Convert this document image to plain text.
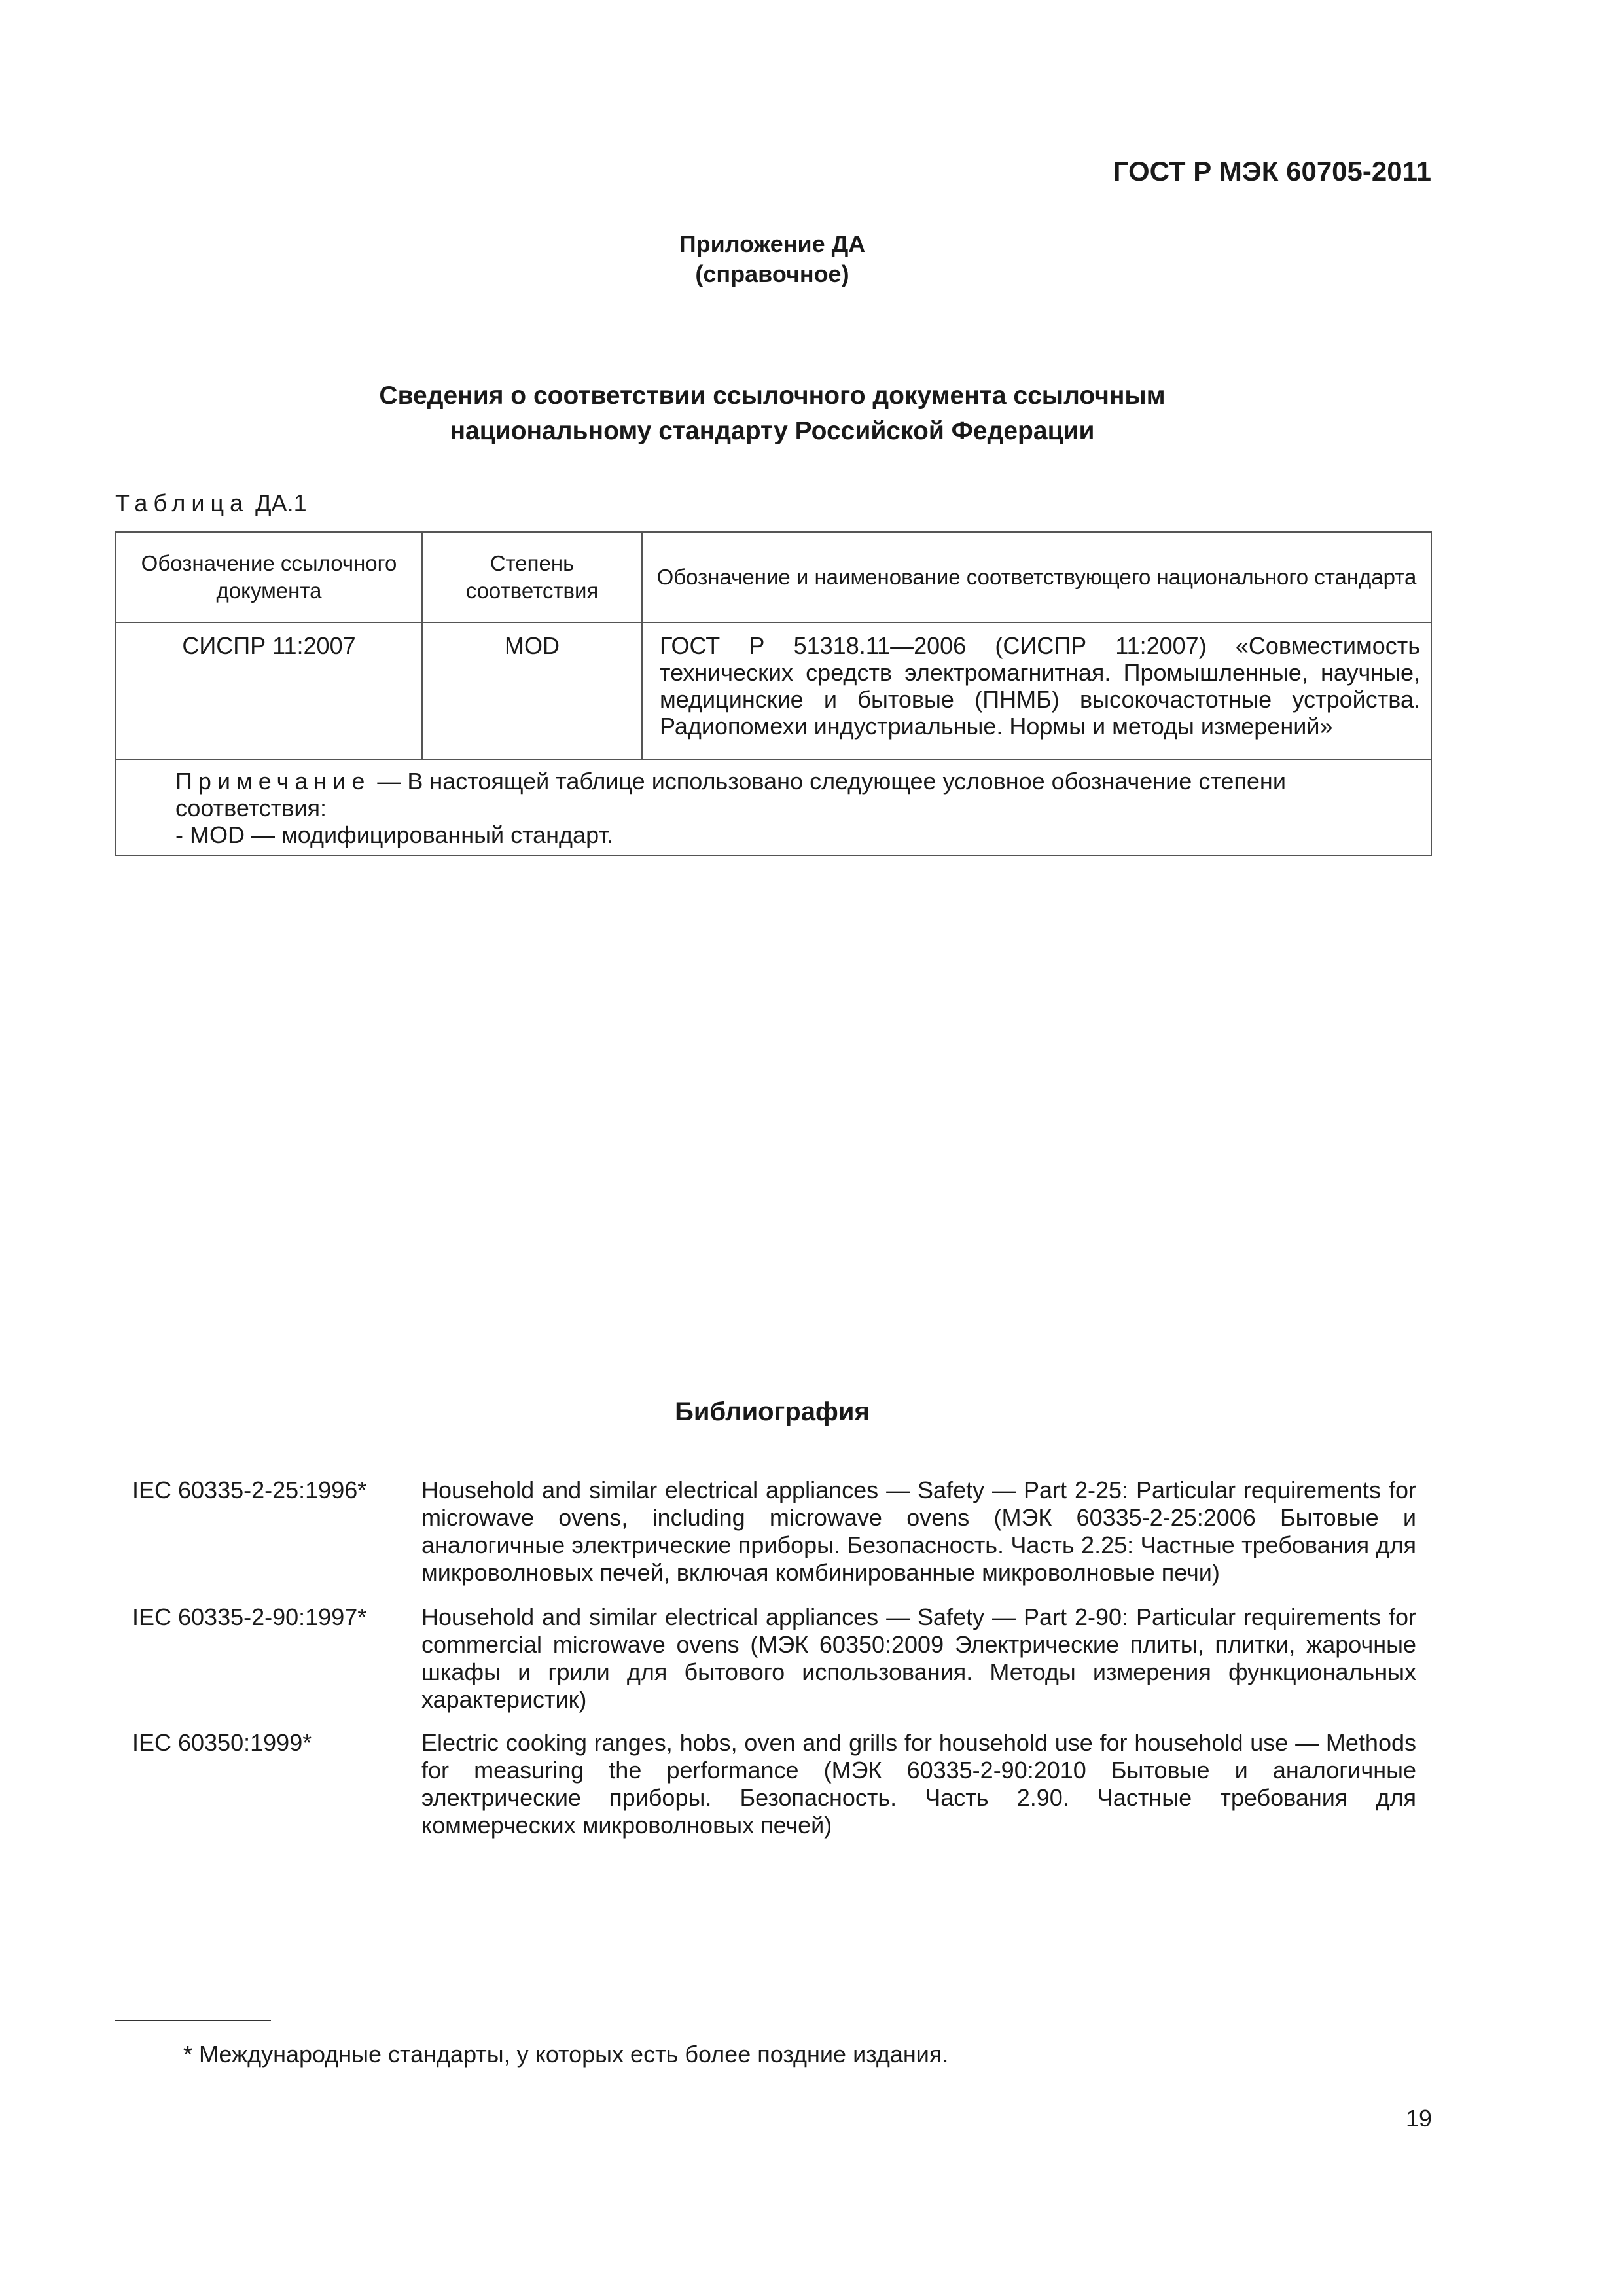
ГОСТ Р МЭК 60705-2011
Приложение ДА
(справочное)
Сведения о соответствии ссылочного документа ссылочным
национальному стандарту Российской Федерации
Таблица ДА.1
Обозначение ссылочного документа	Степень соответствия	Обозначение и наименование соответствующего национального стандарта
СИСПР 11:2007	MOD	ГОСТ Р 51318.11—2006 (СИСПР 11:2007) «Совместимость технических средств электромагнитная. Промышленные, научные, медицинские и бытовые (ПНМБ) высокочастотные устройства. Радиопомехи индустриальные. Нормы и методы измерений»

Примечание — В настоящей таблице использовано следующее условное обозначение степени соответствия:
- MOD — модифицированный стандарт.		
Библиография
IEC 60335-2-25:1996* Household and similar electrical appliances — Safety — Part 2-25: Particular requirements for microwave ovens, including microwave ovens (МЭК 60335-2-25:2006 Бытовые и аналогичные электрические приборы. Безопасность. Часть 2.25: Частные требования для микроволновых печей, включая комбинированные микроволновые печи)
IEC 60335-2-90:1997* Household and similar electrical appliances — Safety — Part 2-90: Particular requirements for commercial microwave ovens (МЭК 60350:2009 Электрические плиты, плитки, жарочные шкафы и грили для бытового использования. Методы измерения функциональных характеристик)
IEC 60350:1999*	Electric cooking ranges, hobs, oven and grills for household use for household use — Methods for measuring the performance (МЭК 60335-2-90:2010 Бытовые и аналогичные электрические приборы. Безопасность. Часть 2.90. Частные требования для коммерческих микроволновых печей)
* Международные стандарты, у которых есть более поздние издания.
19
